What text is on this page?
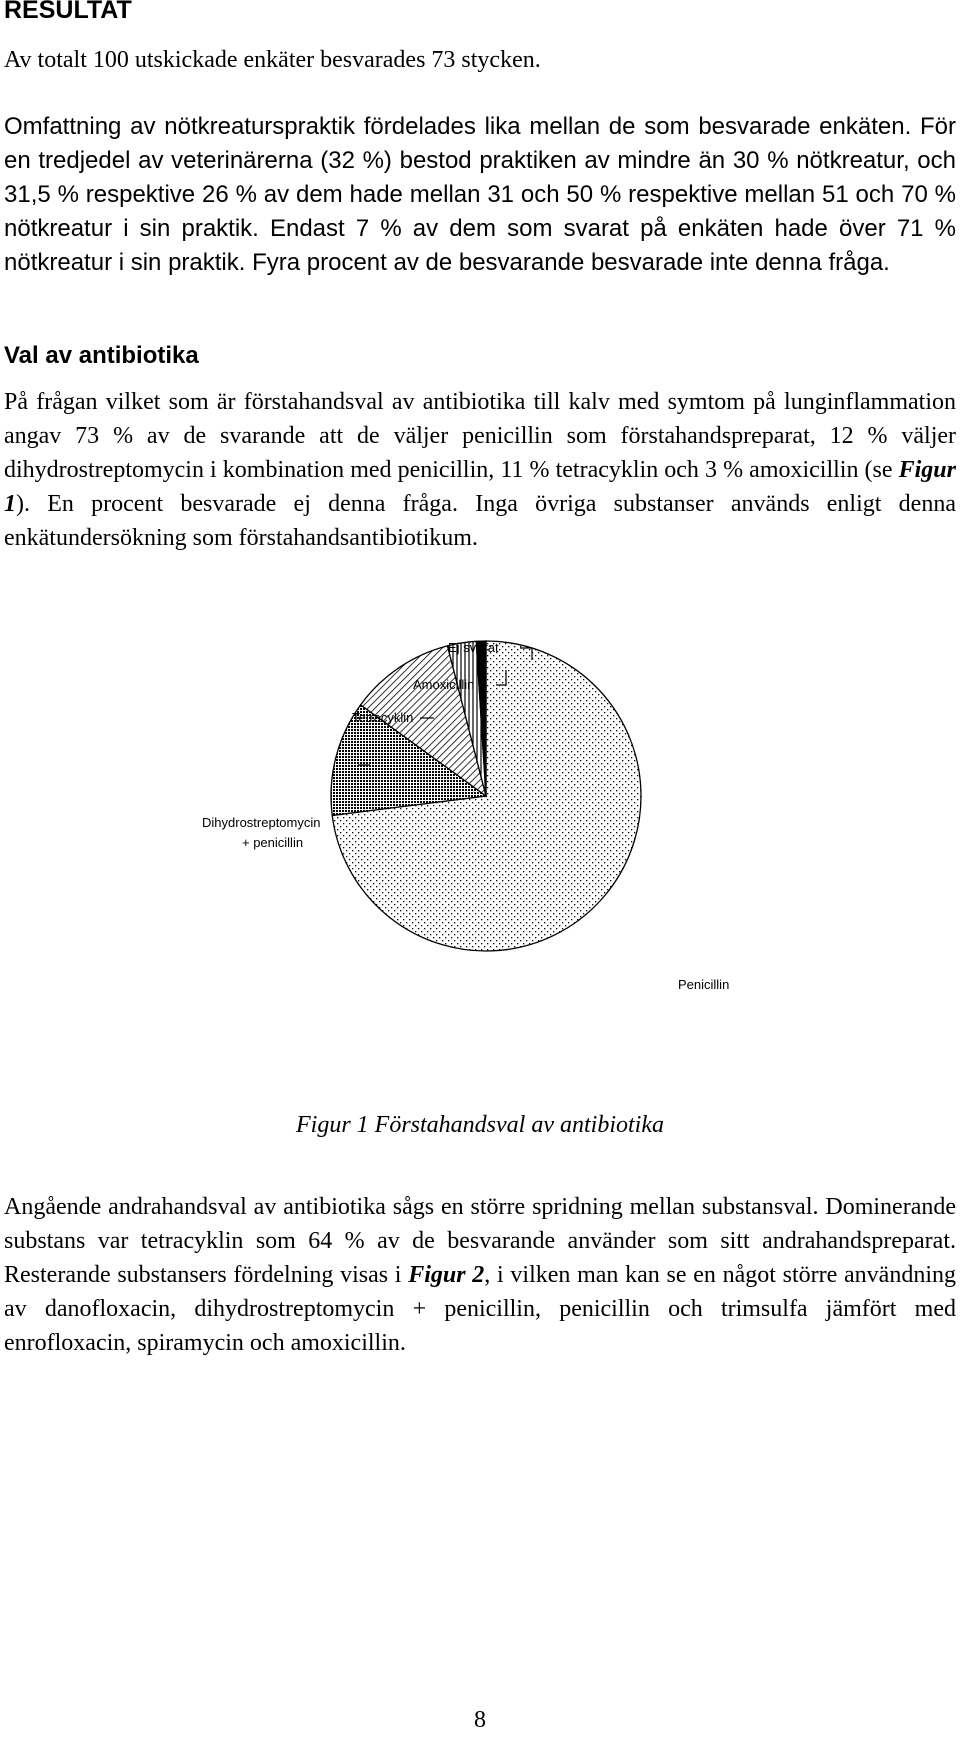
RESULTAT

Av totalt 100 utskickade enkäter besvarades 73 stycken.

Omfattning av nötkreaturspraktik fördelades lika mellan de som besvarade enkäten. För en tredjedel av veterinärerna (32 %) bestod praktiken av mindre än 30 % nötkreatur, och 31,5 % respektive 26 % av dem hade mellan 31 och 50 % respektive mellan 51 och 70 % nötkreatur i sin praktik. Endast 7 % av dem som svarat på enkäten hade över 71 % nötkreatur i sin praktik. Fyra procent av de besvarande besvarade inte denna fråga.

Val av antibiotika

På frågan vilket som är förstahandsval av antibiotika till kalv med symtom på lunginflammation angav 73 % av de svarande att de väljer penicillin som förstahandspreparat, 12 % väljer dihydrostreptomycin i kombination med penicillin, 11 % tetracyklin och 3 % amoxicillin (se Figur 1). En procent besvarade ej denna fråga. Inga övriga substanser används enligt denna enkätundersökning som förstahandsantibiotikum.

Ej svarat
Amoxicillin
Tetracyklin
Dihydrostreptomycin
+ penicillin
Penicillin

Figur 1 Förstahandsval av antibiotika

Angående andrahandsval av antibiotika sågs en större spridning mellan substansval. Dominerande substans var tetracyklin som 64 % av de besvarande använder som sitt andrahandspreparat. Resterande substansers fördelning visas i Figur 2, i vilken man kan se en något större användning av danofloxacin, dihydrostreptomycin + penicillin, penicillin och trimsulfa jämfört med enrofloxacin, spiramycin och amoxicillin.

8
